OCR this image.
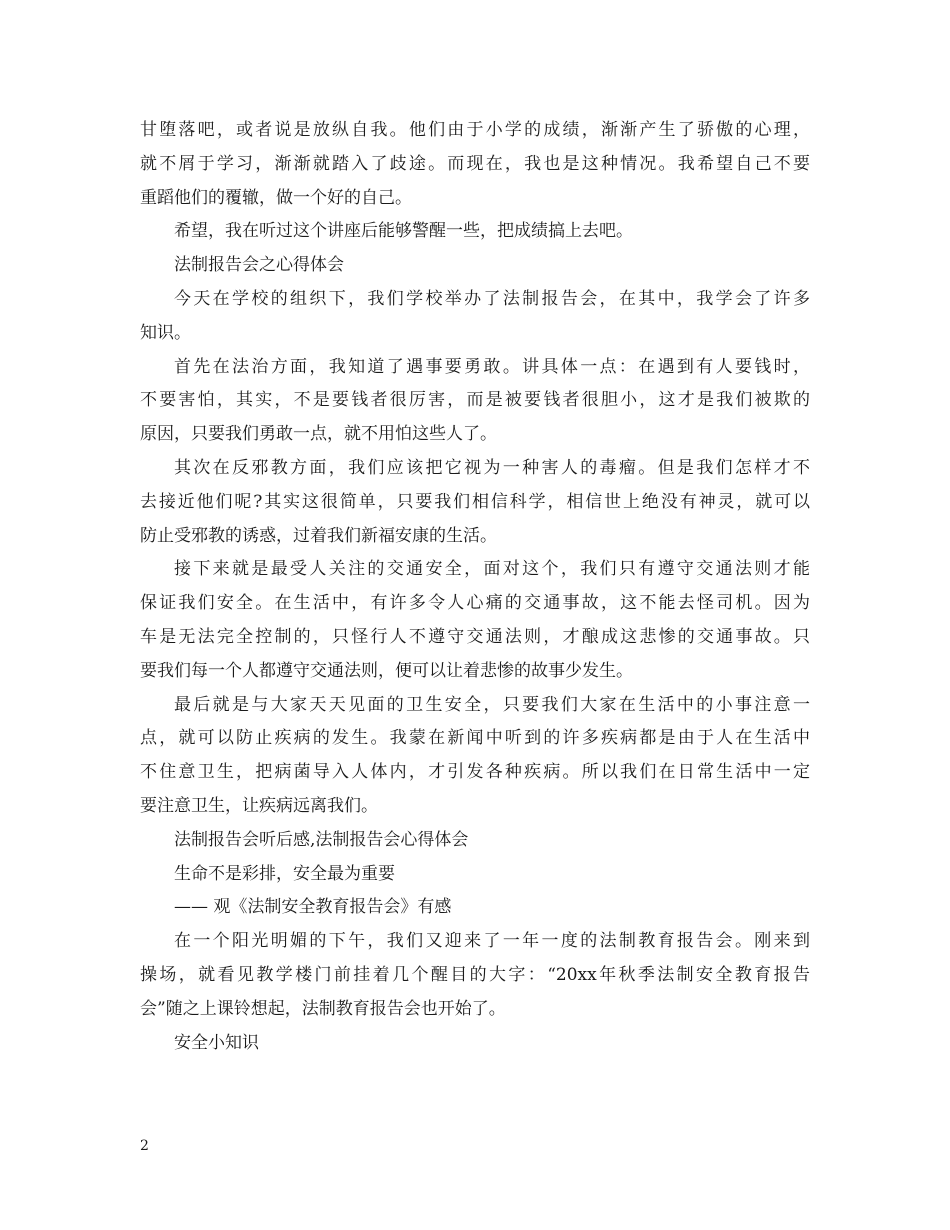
甘堕落吧，或者说是放纵自我。他们由于小学的成绩，渐渐产生了骄傲的心理，
就不屑于学习，渐渐就踏入了歧途。而现在，我也是这种情况。我希望自己不要
重蹈他们的覆辙，做一个好的自己。
希望，我在听过这个讲座后能够警醒一些，把成绩搞上去吧。
法制报告会之心得体会
今天在学校的组织下，我们学校举办了法制报告会，在其中，我学会了许多
知识。
首先在法治方面，我知道了遇事要勇敢。讲具体一点：在遇到有人要钱时，
不要害怕，其实，不是要钱者很厉害，而是被要钱者很胆小，这才是我们被欺的
原因，只要我们勇敢一点，就不用怕这些人了。
其次在反邪教方面，我们应该把它视为一种害人的毒瘤。但是我们怎样才不
去接近他们呢?其实这很简单，只要我们相信科学，相信世上绝没有神灵，就可以
防止受邪教的诱惑，过着我们新福安康的生活。
接下来就是最受人关注的交通安全，面对这个，我们只有遵守交通法则才能
保证我们安全。在生活中，有许多令人心痛的交通事故，这不能去怪司机。因为
车是无法完全控制的，只怪行人不遵守交通法则，才酿成这悲惨的交通事故。只
要我们每一个人都遵守交通法则，便可以让着悲惨的故事少发生。
最后就是与大家天天见面的卫生安全，只要我们大家在生活中的小事注意一
点，就可以防止疾病的发生。我蒙在新闻中听到的许多疾病都是由于人在生活中
不住意卫生，把病菌导入人体内，才引发各种疾病。所以我们在日常生活中一定
要注意卫生，让疾病远离我们。
法制报告会听后感,法制报告会心得体会
生命不是彩排，安全最为重要
—— 观《法制安全教育报告会》有感
在一个阳光明媚的下午，我们又迎来了一年一度的法制教育报告会。刚来到
操场，就看见教学楼门前挂着几个醒目的大字：“20xx年秋季法制安全教育报告
会”随之上课铃想起，法制教育报告会也开始了。
安全小知识
2
